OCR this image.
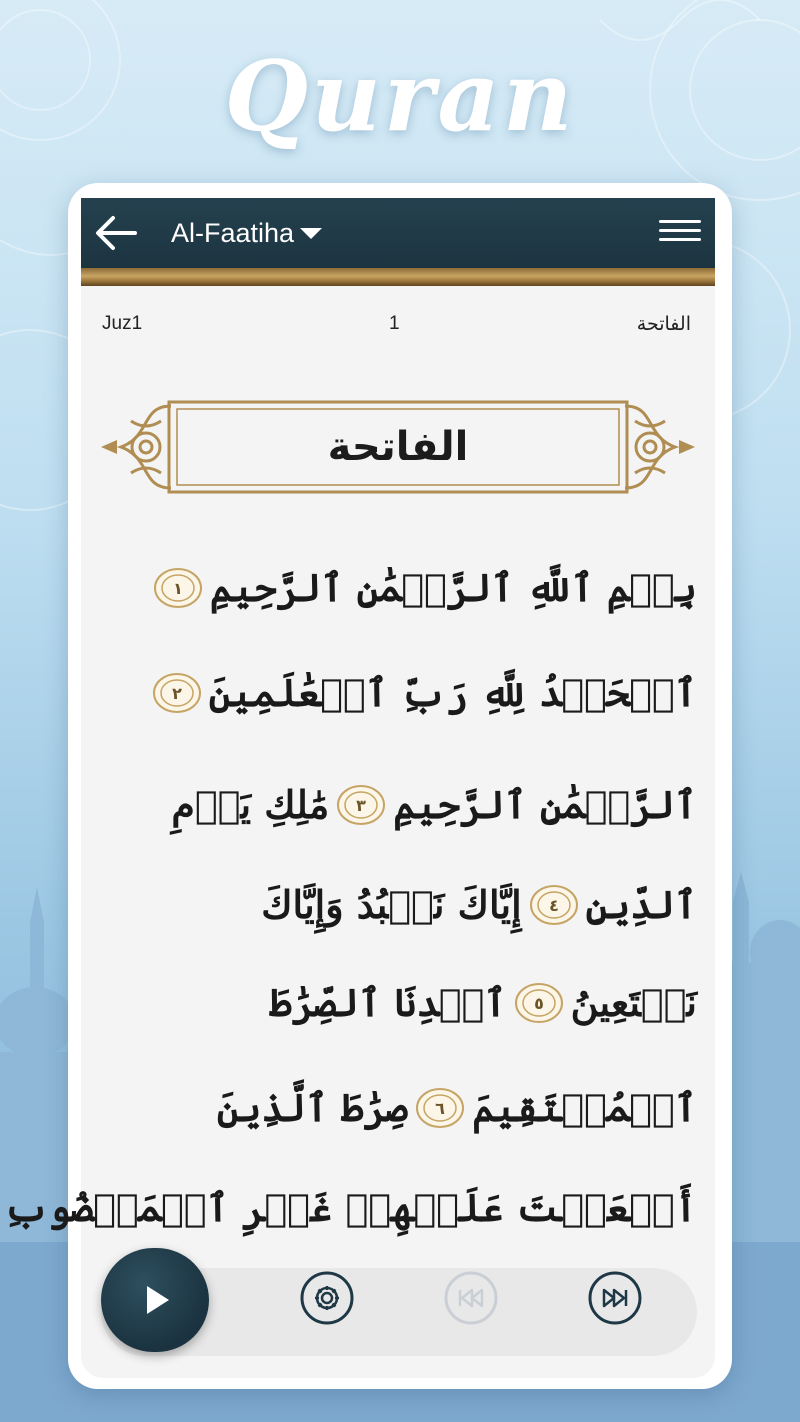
Quran
Al-Faatiha
Juz1	1	الفاتحة
الفاتحة
بِسۡمِ ٱللَّهِ ٱلرَّحۡمَٰنِ ٱلرَّحِيمِ
١
ٱلۡحَمۡدُ لِلَّهِ رَبِّ ٱلۡعَٰلَمِينَ
٢
ٱلرَّحۡمَٰنِ ٱلرَّحِيمِ
٣
مَٰلِكِ يَوۡمِ
ٱلدِّينِ
٤
إِيَّاكَ نَعۡبُدُ وَإِيَّاكَ
نَسۡتَعِينُ
٥
ٱهۡدِنَا ٱلصِّرَٰطَ
ٱلۡمُسۡتَقِيمَ
٦
صِرَٰطَ ٱلَّذِينَ
أَنۡعَمۡتَ عَلَيۡهِمۡ غَيۡرِ ٱلۡمَغۡضُوبِ
